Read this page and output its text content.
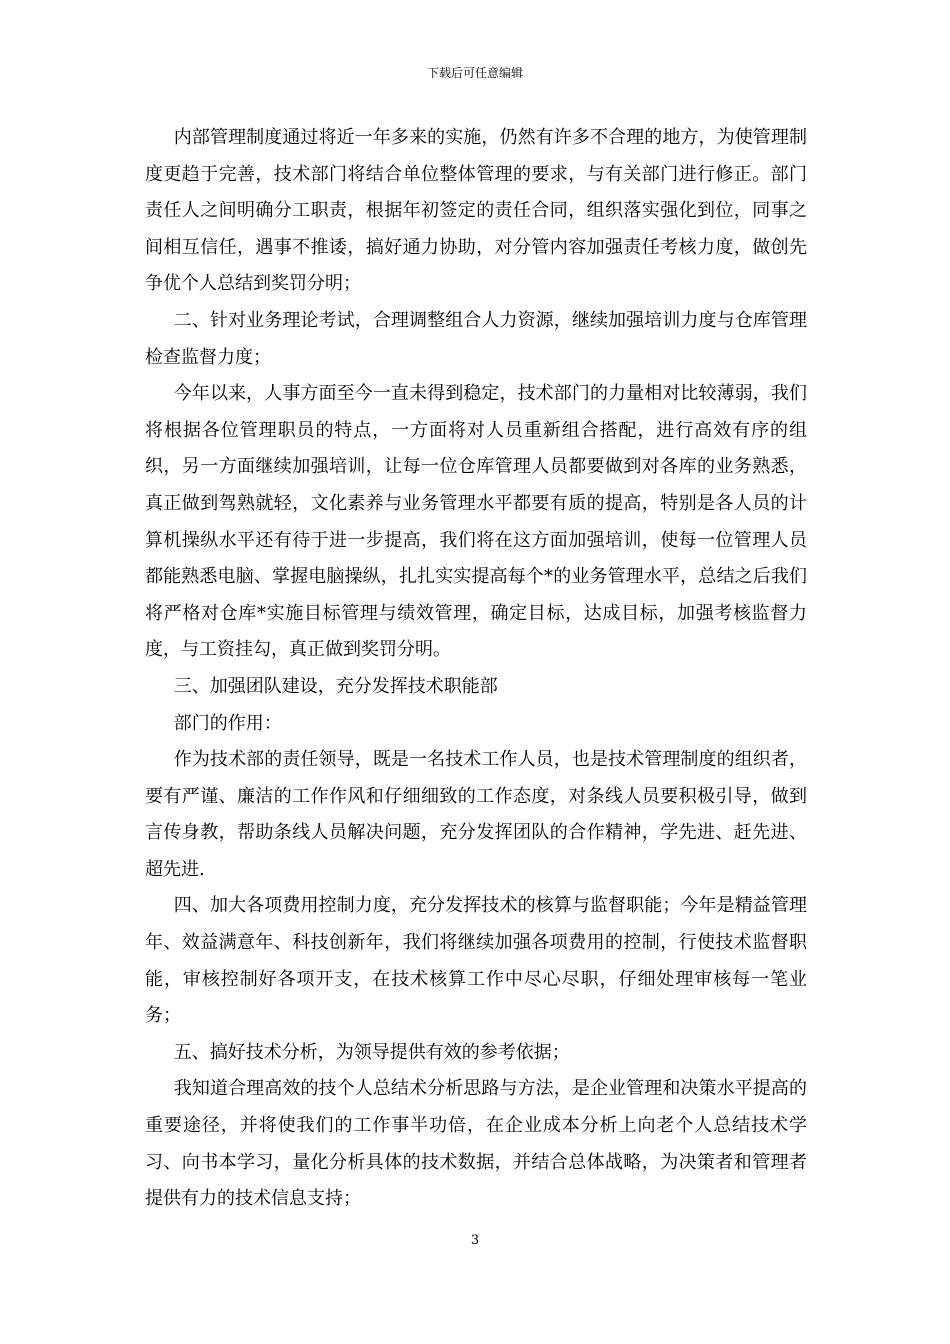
下载后可任意编辑

内部管理制度通过将近一年多来的实施，仍然有许多不合理的地方，为使管理制度更趋于完善，技术部门将结合单位整体管理的要求，与有关部门进行修正。部门责任人之间明确分工职责，根据年初签定的责任合同，组织落实强化到位，同事之间相互信任，遇事不推诿，搞好通力协助，对分管内容加强责任考核力度，做创先争优个人总结到奖罚分明；

二、针对业务理论考试，合理调整组合人力资源，继续加强培训力度与仓库管理检查监督力度；

今年以来，人事方面至今一直未得到稳定，技术部门的力量相对比较薄弱，我们将根据各位管理职员的特点，一方面将对人员重新组合搭配，进行高效有序的组织，另一方面继续加强培训，让每一位仓库管理人员都要做到对各库的业务熟悉，真正做到驾熟就轻，文化素养与业务管理水平都要有质的提高，特别是各人员的计算机操纵水平还有待于进一步提高，我们将在这方面加强培训，使每一位管理人员都能熟悉电脑、掌握电脑操纵，扎扎实实提高每个*的业务管理水平，总结之后我们将严格对仓库*实施目标管理与绩效管理，确定目标，达成目标，加强考核监督力度，与工资挂勾，真正做到奖罚分明。

三、加强团队建设，充分发挥技术职能部

部门的作用：

作为技术部的责任领导，既是一名技术工作人员，也是技术管理制度的组织者，要有严谨、廉洁的工作作风和仔细细致的工作态度，对条线人员要积极引导，做到言传身教，帮助条线人员解决问题，充分发挥团队的合作精神，学先进、赶先进、超先进.

四、加大各项费用控制力度，充分发挥技术的核算与监督职能；今年是精益管理年、效益满意年、科技创新年，我们将继续加强各项费用的控制，行使技术监督职能，审核控制好各项开支，在技术核算工作中尽心尽职，仔细处理审核每一笔业务；

五、搞好技术分析，为领导提供有效的参考依据；

我知道合理高效的技个人总结术分析思路与方法，是企业管理和决策水平提高的重要途径，并将使我们的工作事半功倍，在企业成本分析上向老个人总结技术学习、向书本学习，量化分析具体的技术数据，并结合总体战略，为决策者和管理者提供有力的技术信息支持；

3
